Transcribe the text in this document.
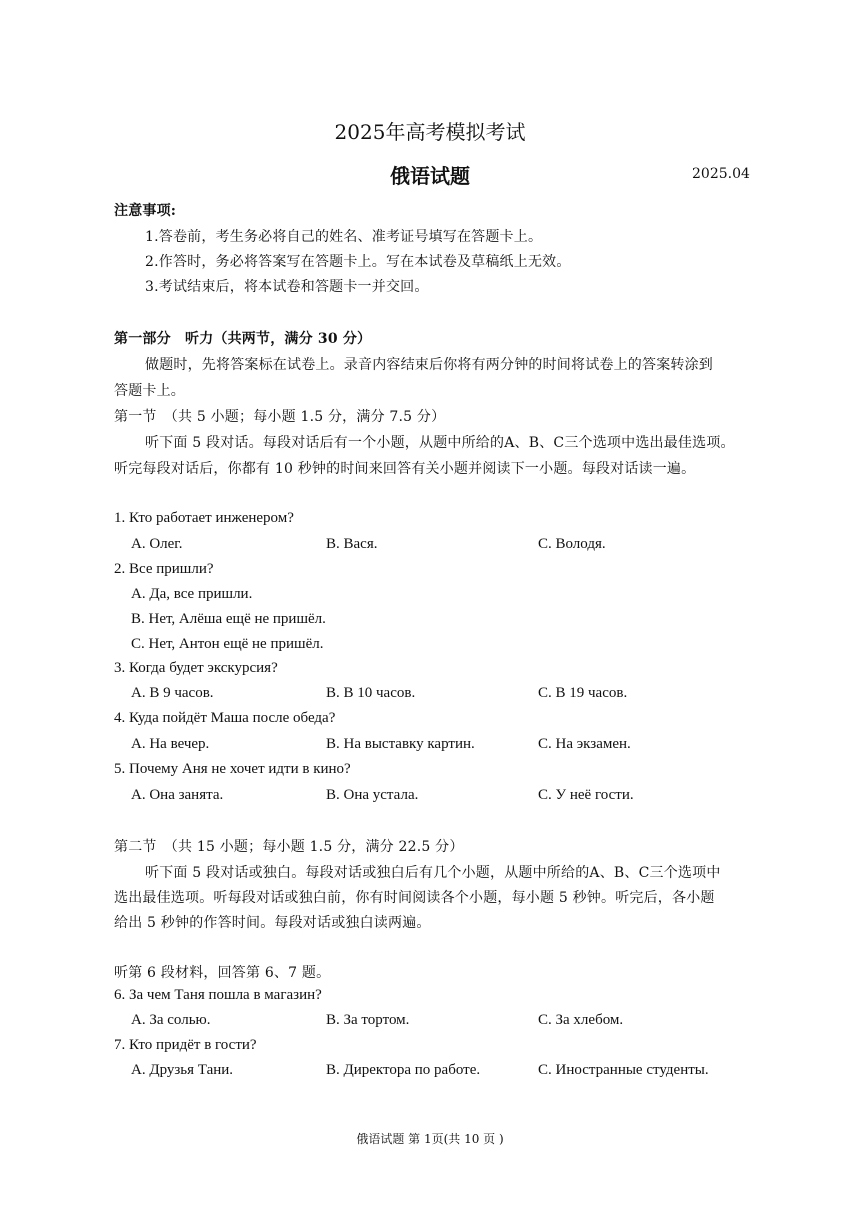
2025年高考模拟考试
俄语试题	2025.04
注意事项:
1.答卷前，考生务必将自己的姓名、准考证号填写在答题卡上。
2.作答时，务必将答案写在答题卡上。写在本试卷及草稿纸上无效。
3.考试结束后，将本试卷和答题卡一并交回。
第一部分　听力（共两节，满分 30 分）
做题时，先将答案标在试卷上。录音内容结束后你将有两分钟的时间将试卷上的答案转涂到
答题卡上。
第一节　（共 5 小题；每小题 1.5 分，满分 7.5 分）
听下面 5 段对话。每段对话后有一个小题，从题中所给的A、B、C三个选项中选出最佳选项。
听完每段对话后，你都有 10 秒钟的时间来回答有关小题并阅读下一小题。每段对话读一遍。
1. Кто работает инженером?
A. Олег.	B. Вася.	C. Володя.
2. Все пришли?
A. Да, все пришли.
B. Нет, Алёша ещё не пришёл.
C. Нет, Антон ещё не пришёл.
3. Когда будет экскурсия?
A. В 9 часов.	B. В 10 часов.	C. В 19 часов.
4. Куда пойдёт Маша после обеда?
A. На вечер.	B. На выставку картин.	C. На экзамен.
5. Почему Аня не хочет идти в кино?
A. Она занята.	B. Она устала.	C. У неё гости.
第二节　（共 15 小题；每小题 1.5 分，满分 22.5 分）
听下面 5 段对话或独白。每段对话或独白后有几个小题，从题中所给的A、B、C三个选项中
选出最佳选项。听每段对话或独白前，你有时间阅读各个小题，每小题 5 秒钟。听完后，各小题
给出 5 秒钟的作答时间。每段对话或独白读两遍。
听第 6 段材料，回答第 6、7 题。
6. За чем Таня пошла в магазин?
A. За солью.	B. За тортом.	C. За хлебом.
7. Кто придёт в гости?
A. Друзья Тани.	B. Директора по работе.	C. Иностранные студенты.
俄语试题 第 1页(共 10 页 )
